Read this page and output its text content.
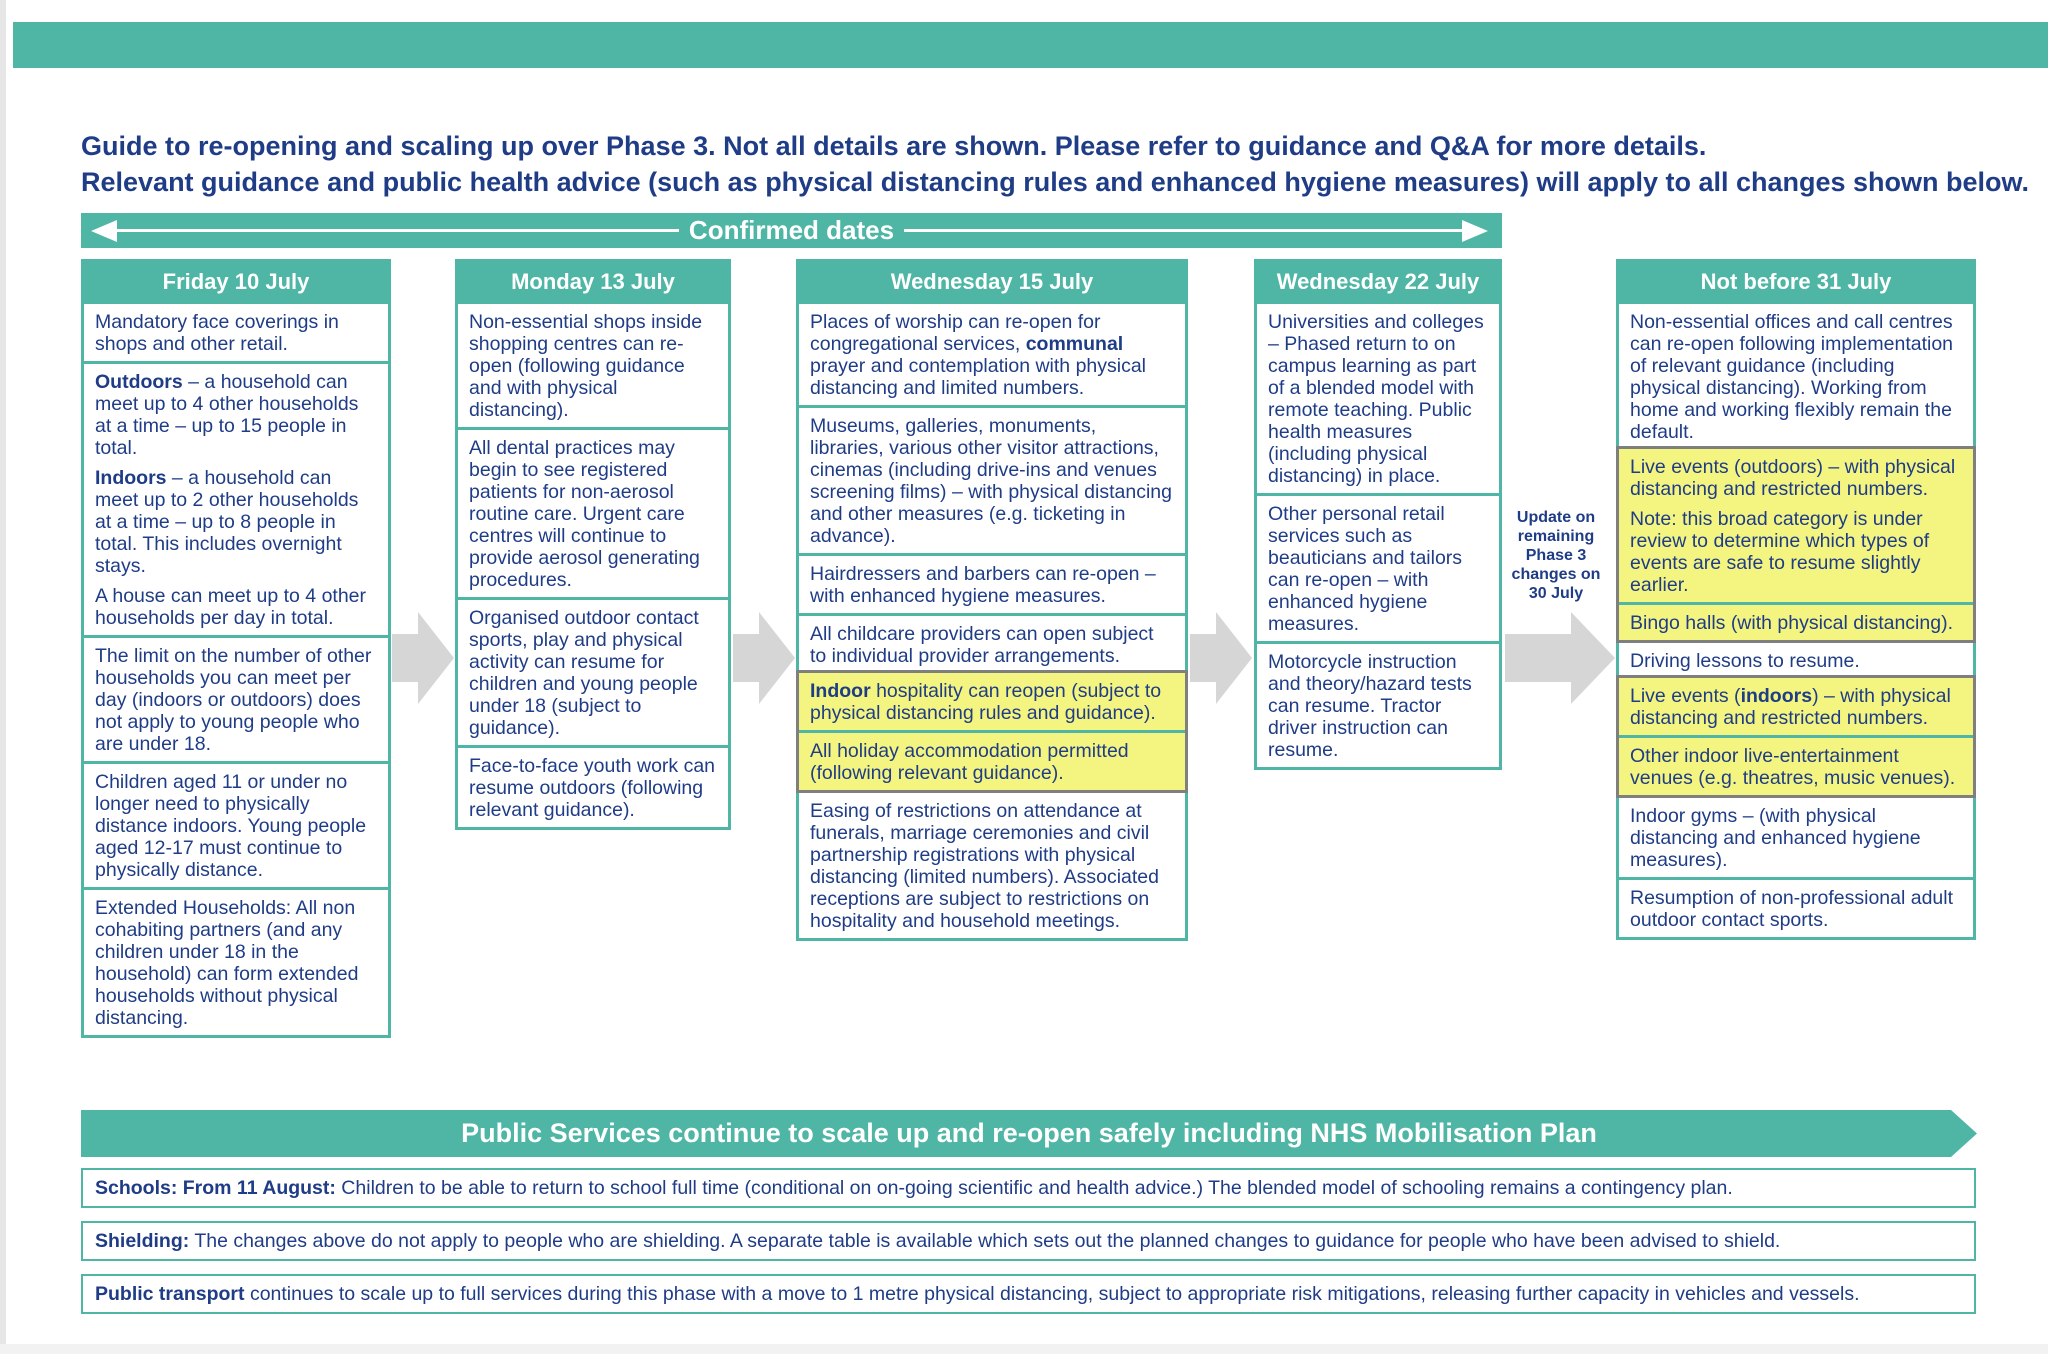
Guide to re-opening and scaling up over Phase 3. Not all details are shown. Please refer to guidance and Q&A for more details.
Relevant guidance and public health advice (such as physical distancing rules and enhanced hygiene measures) will apply to all changes shown below.
Confirmed dates
Friday 10 July
Mandatory face coverings in shops and other retail.
Outdoors – a household can meet up to 4 other households at a time – up to 15 people in total.
Indoors – a household can meet up to 2 other households at a time – up to 8 people in total. This includes overnight stays.
A house can meet up to 4 other households per day in total.
The limit on the number of other households you can meet per day (indoors or outdoors) does not apply to young people who are under 18.
Children aged 11 or under no longer need to physically distance indoors. Young people aged 12-17 must continue to physically distance.
Extended Households: All non cohabiting partners (and any children under 18 in the household) can form extended households without physical distancing.
Monday 13 July
Non-essential shops inside shopping centres can re-open (following guidance and with physical distancing).
All dental practices may begin to see registered patients for non-aerosol routine care. Urgent care centres will continue to provide aerosol generating procedures.
Organised outdoor contact sports, play and physical activity can resume for children and young people under 18 (subject to guidance).
Face-to-face youth work can resume outdoors (following relevant guidance).
Wednesday 15 July
Places of worship can re-open for congregational services, communal prayer and contemplation with physical distancing and limited numbers.
Museums, galleries, monuments, libraries, various other visitor attractions, cinemas (including drive-ins and venues screening films) – with physical distancing and other measures (e.g. ticketing in advance).
Hairdressers and barbers can re-open – with enhanced hygiene measures.
All childcare providers can open subject to individual provider arrangements.
Indoor hospitality can reopen (subject to physical distancing rules and guidance).
All holiday accommodation permitted (following relevant guidance).
Easing of restrictions on attendance at funerals, marriage ceremonies and civil partnership registrations with physical distancing (limited numbers). Associated receptions are subject to restrictions on hospitality and household meetings.
Wednesday 22 July
Universities and colleges – Phased return to on campus learning as part of a blended model with remote teaching. Public health measures (including physical distancing) in place.
Other personal retail services such as beauticians and tailors can re-open – with enhanced hygiene measures.
Motorcycle instruction and theory/hazard tests can resume. Tractor driver instruction can resume.
Not before 31 July
Non-essential offices and call centres can re-open following implementation of relevant guidance (including physical distancing). Working from home and working flexibly remain the default.
Live events (outdoors) – with physical distancing and restricted numbers.
Note: this broad category is under review to determine which types of events are safe to resume slightly earlier.
Bingo halls (with physical distancing).
Driving lessons to resume.
Live events (indoors) – with physical distancing and restricted numbers.
Other indoor live-entertainment venues (e.g. theatres, music venues).
Indoor gyms – (with physical distancing and enhanced hygiene measures).
Resumption of non-professional adult outdoor contact sports.
Update on remaining Phase 3 changes on 30 July
Public Services continue to scale up and re-open safely including NHS Mobilisation Plan
Schools: From 11 August: Children to be able to return to school full time (conditional on on-going scientific and health advice.) The blended model of schooling remains a contingency plan.
Shielding: The changes above do not apply to people who are shielding. A separate table is available which sets out the planned changes to guidance for people who have been advised to shield.
Public transport continues to scale up to full services during this phase with a move to 1 metre physical distancing, subject to appropriate risk mitigations, releasing further capacity in vehicles and vessels.
